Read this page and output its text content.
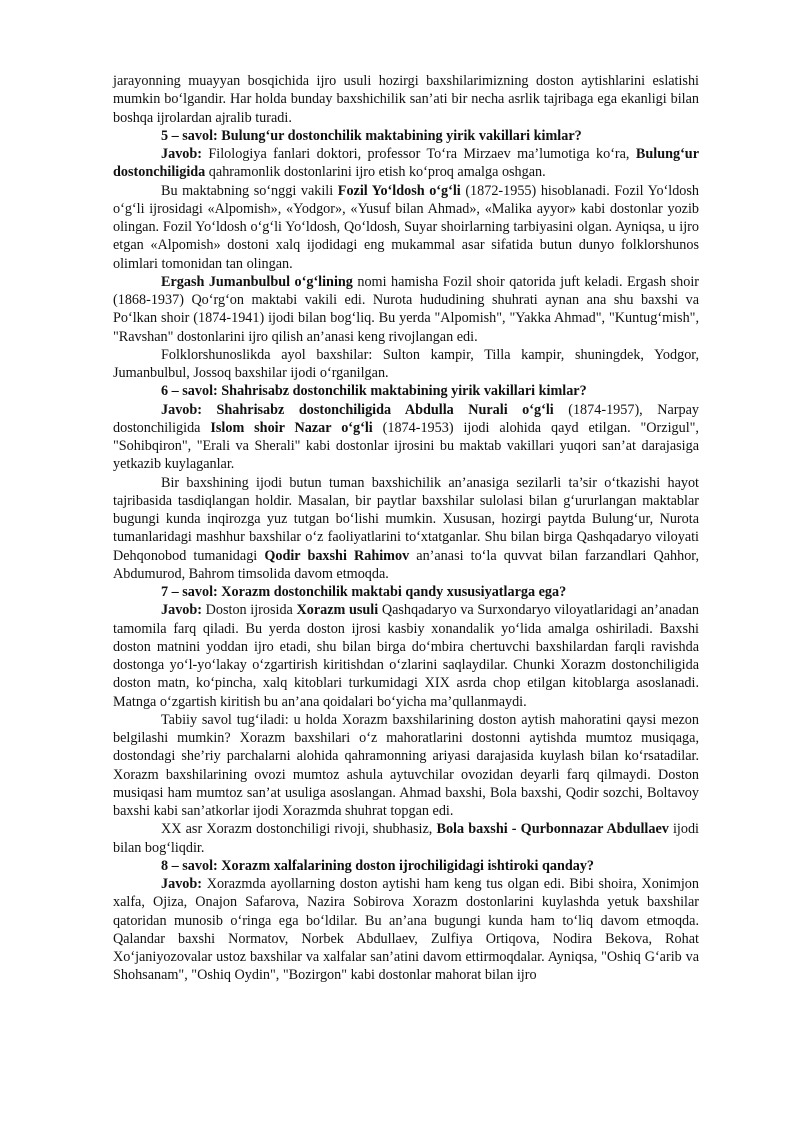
jarayonning muayyan bosqichida ijro usuli hozirgi baxshilarimizning doston aytishlarini eslatishi mumkin bo‘lgandir. Har holda bunday baxshichilik san’ati bir necha asrlik tajribaga ega ekanligi bilan boshqa ijrolardan ajralib turadi.

5 – savol: Bulung‘ur dostonchilik maktabining yirik vakillari kimlar?

Javob: Filologiya fanlari doktori, professor To‘ra Mirzaev ma’lumotiga ko‘ra, Bulung‘ur dostonchiligida qahramonlik dostonlarini ijro etish ko‘proq amalga oshgan.

Bu maktabning so‘nggi vakili Fozil Yo‘ldosh o‘g‘li (1872-1955) hisoblanadi. Fozil Yo‘ldosh o‘g‘li ijrosidagi «Alpomish», «Yodgor», «Yusuf bilan Ahmad», «Malika ayyor» kabi dostonlar yozib olingan. Fozil Yo‘ldosh o‘g‘li Yo‘ldosh, Qo‘ldosh, Suyar shoirlarning tarbiyasini olgan. Ayniqsa, u ijro etgan «Alpomish» dostoni xalq ijodidagi eng mukammal asar sifatida butun dunyo folklorshunos olimlari tomonidan tan olingan.

Ergash Jumanbulbul o‘g‘lining nomi hamisha Fozil shoir qatorida juft keladi. Ergash shoir (1868-1937) Qo‘rg‘on maktabi vakili edi. Nurota hududining shuhrati aynan ana shu baxshi va Po‘lkan shoir (1874-1941) ijodi bilan bog‘liq. Bu yerda "Alpomish", "Yakka Ahmad", "Kuntug‘mish", "Ravshan" dostonlarini ijro qilish an’anasi keng rivojlangan edi.

Folklorshunoslikda ayol baxshilar: Sulton kampir, Tilla kampir, shuningdek, Yodgor, Jumanbulbul, Jossoq baxshilar ijodi o‘rganilgan.

6 – savol: Shahrisabz dostonchilik maktabining yirik vakillari kimlar?

Javob: Shahrisabz dostonchiligida Abdulla Nurali o‘g‘li (1874-1957), Narpay dostonchiligida Islom shoir Nazar o‘g‘li (1874-1953) ijodi alohida qayd etilgan. "Orzigul", "Sohibqiron", "Erali va Sherali" kabi dostonlar ijrosini bu maktab vakillari yuqori san’at darajasiga yetkazib kuylaganlar.

Bir baxshining ijodi butun tuman baxshichilik an’anasiga sezilarli ta’sir o‘tkazishi hayot tajribasida tasdiqlangan holdir. Masalan, bir paytlar baxshilar sulolasi bilan g‘ururlangan maktablar bugungi kunda inqirozga yuz tutgan bo‘lishi mumkin. Xususan, hozirgi paytda Bulung‘ur, Nurota tumanlaridagi mashhur baxshilar o‘z faoliyatlarini to‘xtatganlar. Shu bilan birga Qashqadaryo viloyati Dehqonobod tumanidagi Qodir baxshi Rahimov an’anasi to‘la quvvat bilan farzandlari Qahhor, Abdumurod, Bahrom timsolida davom etmoqda.

7 – savol: Xorazm dostonchilik maktabi qandy xususiyatlarga ega?

Javob: Doston ijrosida Xorazm usuli Qashqadaryo va Surxondaryo viloyatlaridagi an’anadan tamomila farq qiladi. Bu yerda doston ijrosi kasbiy xonandalik yo‘lida amalga oshiriladi. Baxshi doston matnini yoddan ijro etadi, shu bilan birga do‘mbira chertuvchi baxshilardan farqli ravishda dostonga yo‘l-yo‘lakay o‘zgartirish kiritishdan o‘zlarini saqlaydilar. Chunki Xorazm dostonchiligida doston matn, ko‘pincha, xalq kitoblari turkumidagi XIX asrda chop etilgan kitoblarga asoslanadi. Matnga o‘zgartish kiritish bu an’ana qoidalari bo‘yicha ma’qullanmaydi.

Tabiiy savol tug‘iladi: u holda Xorazm baxshilarining doston aytish mahoratini qaysi mezon belgilashi mumkin? Xorazm baxshilari o‘z mahoratlarini dostonni aytishda mumtoz musiqaga, dostondagi she’riy parchalarni alohida qahramonning ariyasi darajasida kuylash bilan ko‘rsatadilar. Xorazm baxshilarining ovozi mumtoz ashula aytuvchilar ovozidan deyarli farq qilmaydi. Doston musiqasi ham mumtoz san’at usuliga asoslangan. Ahmad baxshi, Bola baxshi, Qodir sozchi, Boltavoy baxshi kabi san’atkorlar ijodi Xorazmda shuhrat topgan edi.

XX asr Xorazm dostonchiligi rivoji, shubhasiz, Bola baxshi - Qurbonnazar Abdullaev ijodi bilan bog‘liqdir.

8 – savol: Xorazm xalfalarining doston ijrochiligidagi ishtiroki qanday?

Javob: Xorazmda ayollarning doston aytishi ham keng tus olgan edi. Bibi shoira, Xonimjon xalfa, Ojiza, Onajon Safarova, Nazira Sobirova Xorazm dostonlarini kuylashda yetuk baxshilar qatoridan munosib o‘ringa ega bo‘ldilar. Bu an’ana bugungi kunda ham to‘liq davom etmoqda. Qalandar baxshi Normatov, Norbek Abdullaev, Zulfiya Ortiqova, Nodira Bekova, Rohat Xo‘janiyozovalar ustoz baxshilar va xalfalar san’atini davom ettirmoqdalar. Ayniqsa, "Oshiq G‘arib va Shohsanam", "Oshiq Oydin", "Bozirgon" kabi dostonlar mahorat bilan ijro
